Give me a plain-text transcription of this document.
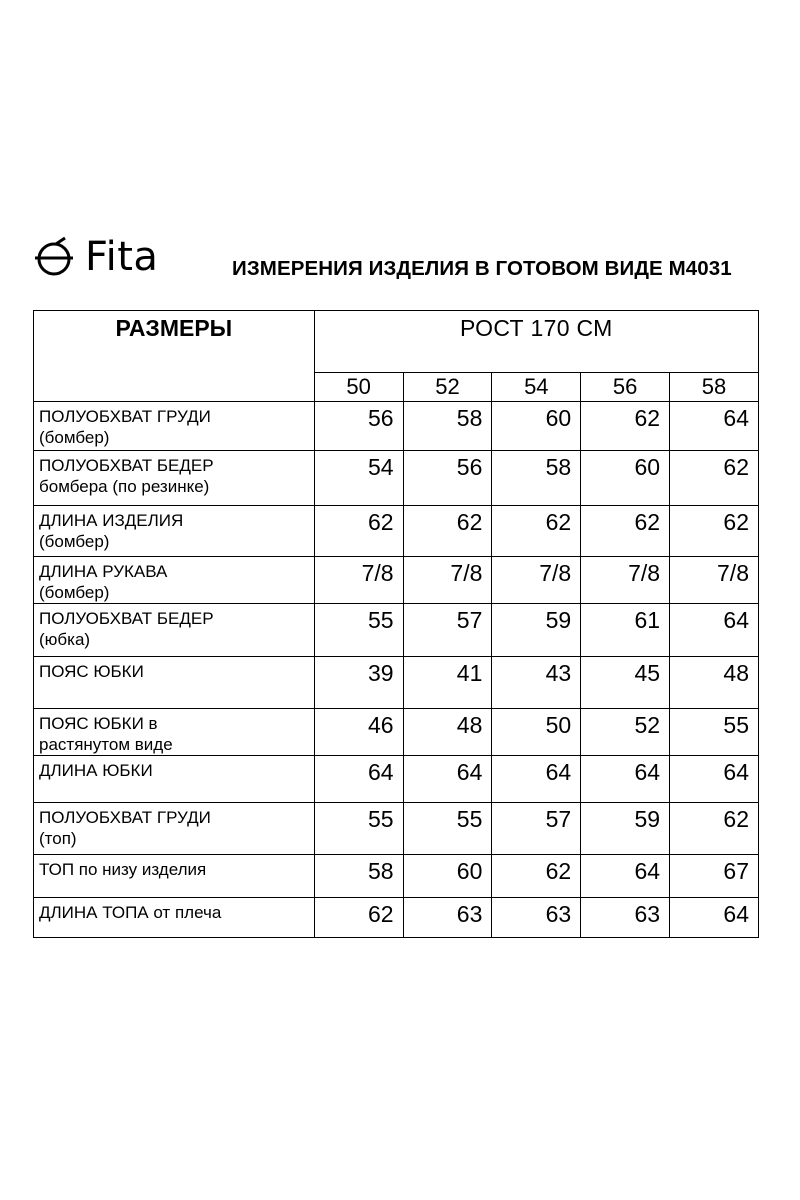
Fita	ИЗМЕРЕНИЯ ИЗДЕЛИЯ В ГОТОВОМ ВИДЕ М4031
РАЗМЕРЫ	РОСТ 170 СМ				
	50	52	54	56	58

ПОЛУОБХВАТ ГРУДИ
(бомбер)	56	58	60	62	64

ПОЛУОБХВАТ БЕДЕР
бомбера (по резинке)	54	56	58	60	62

ДЛИНА ИЗДЕЛИЯ
(бомбер)	62	62	62	62	62

ДЛИНА РУКАВА
(бомбер)	7/8	7/8	7/8	7/8	7/8

ПОЛУОБХВАТ БЕДЕР
(юбка)	55	57	59	61	64

ПОЯС ЮБКИ	39	41	43	45	48

ПОЯС ЮБКИ в
растянутом виде	46	48	50	52	55

ДЛИНА ЮБКИ	64	64	64	64	64

ПОЛУОБХВАТ ГРУДИ
(топ)	55	55	57	59	62

ТОП по низу изделия	58	60	62	64	67

ДЛИНА ТОПА от плеча	62	63	63	63	64
